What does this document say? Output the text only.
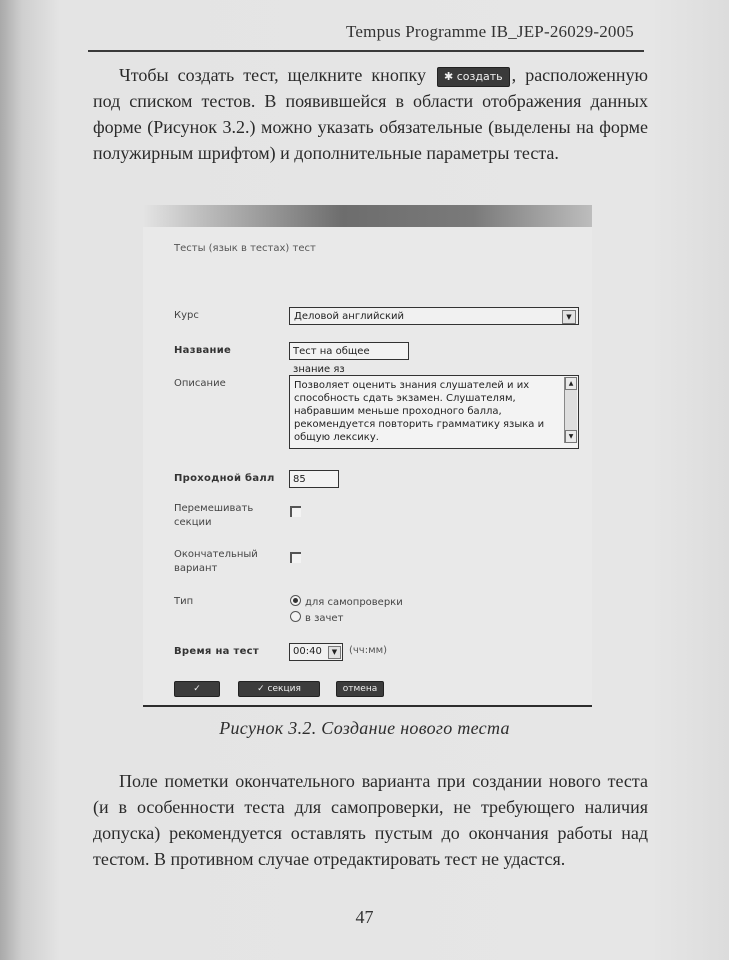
Tempus Programme IB_JEP-26029-2005
Чтобы создать тест, щелкните кнопку ✱ создать , расположенную под списком тестов. В появившейся в области отображения данных форме (Рисунок 3.2.) можно указать обязательные (выделены на форме полужирным шрифтом) и дополнительные параметры теста.
Тесты (язык в тестах) тест
Курс	Деловой английский	▼
Название	Тест на общее знание яз
Описание	Позволяет оценить знания слушателей и их способность сдать экзамен. Слушателям, набравшим меньше проходного балла, рекомендуется повторить грамматику языка и общую лексику.
▲
▼
Проходной балл	85
Перемешивать секции
Окончательный вариант
Тип	для самопроверки
в зачет
Время на тест	00:40	▼	(чч:мм)
✓	✓ секция	отмена
Рисунок 3.2. Создание нового теста
Поле пометки окончательного варианта при создании нового теста (и в особенности теста для самопроверки, не требующего наличия допуска) рекомендуется оставлять пустым до окончания работы над тестом. В противном случае отредактировать тест не удастся.
47
